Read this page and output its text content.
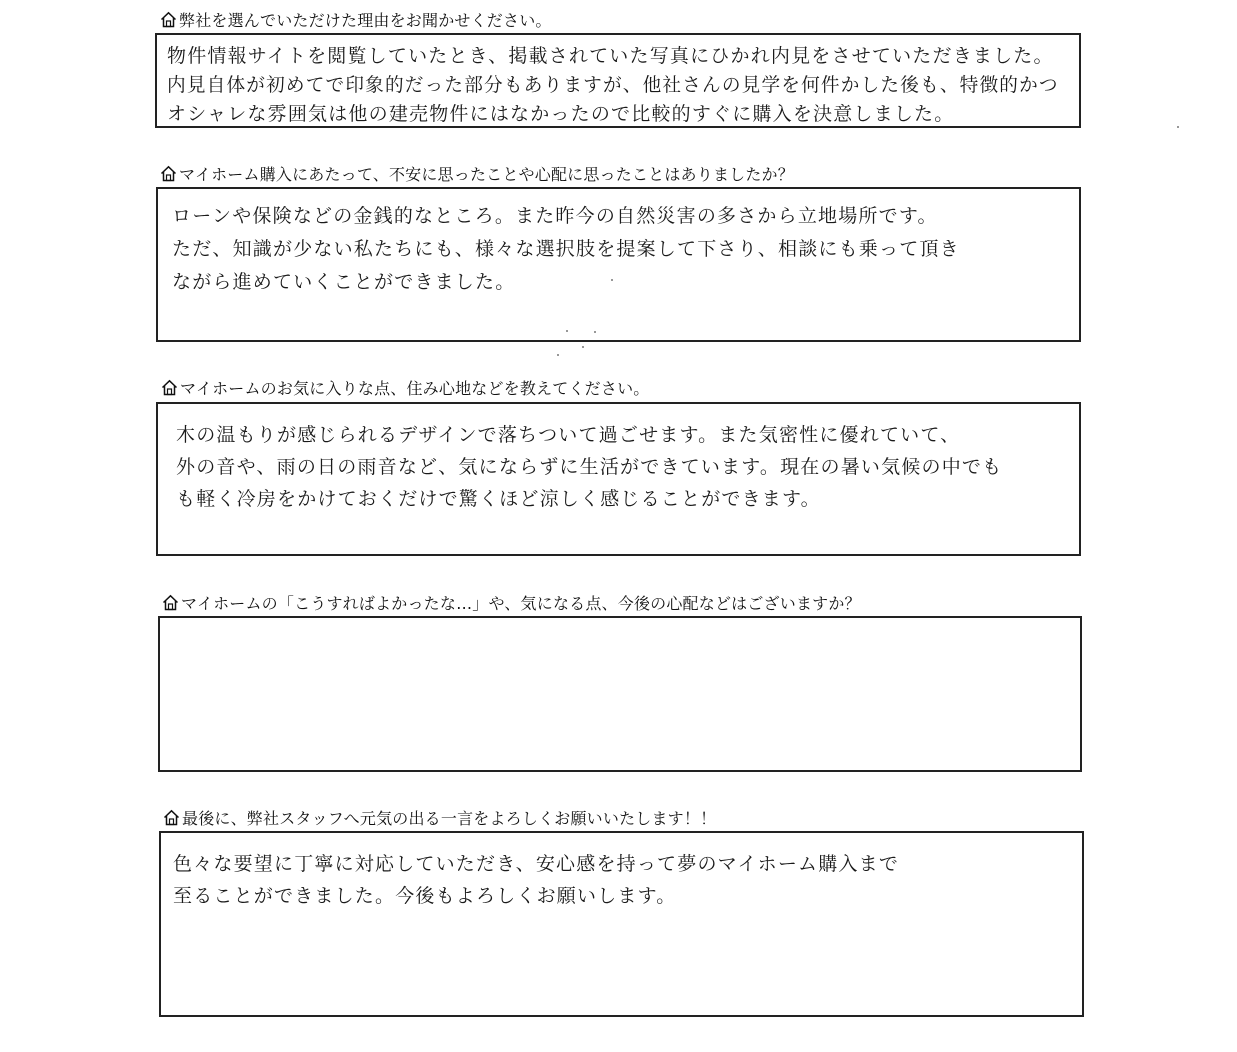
弊社を選んでいただけた理由をお聞かせください。
物件情報サイトを閲覧していたとき、掲載されていた写真にひかれ内見をさせていただきました。
内見自体が初めてで印象的だった部分もありますが、他社さんの見学を何件かした後も、特徴的かつ
オシャレな雰囲気は他の建売物件にはなかったので比較的すぐに購入を決意しました。
マイホーム購入にあたって、不安に思ったことや心配に思ったことはありましたか？
ローンや保険などの金銭的なところ。また昨今の自然災害の多さから立地場所です。
ただ、知識が少ない私たちにも、様々な選択肢を提案して下さり、相談にも乗って頂き
ながら進めていくことができました。
マイホームのお気に入りな点、住み心地などを教えてください。
木の温もりが感じられるデザインで落ちついて過ごせます。また気密性に優れていて、
外の音や、雨の日の雨音など、気にならずに生活ができています。現在の暑い気候の中でも
も軽く冷房をかけておくだけで驚くほど涼しく感じることができます。
マイホームの「こうすればよかったな…」や、気になる点、今後の心配などはございますか？
最後に、弊社スタッフへ元気の出る一言をよろしくお願いいたします！！
色々な要望に丁寧に対応していただき、安心感を持って夢のマイホーム購入まで
至ることができました。今後もよろしくお願いします。
